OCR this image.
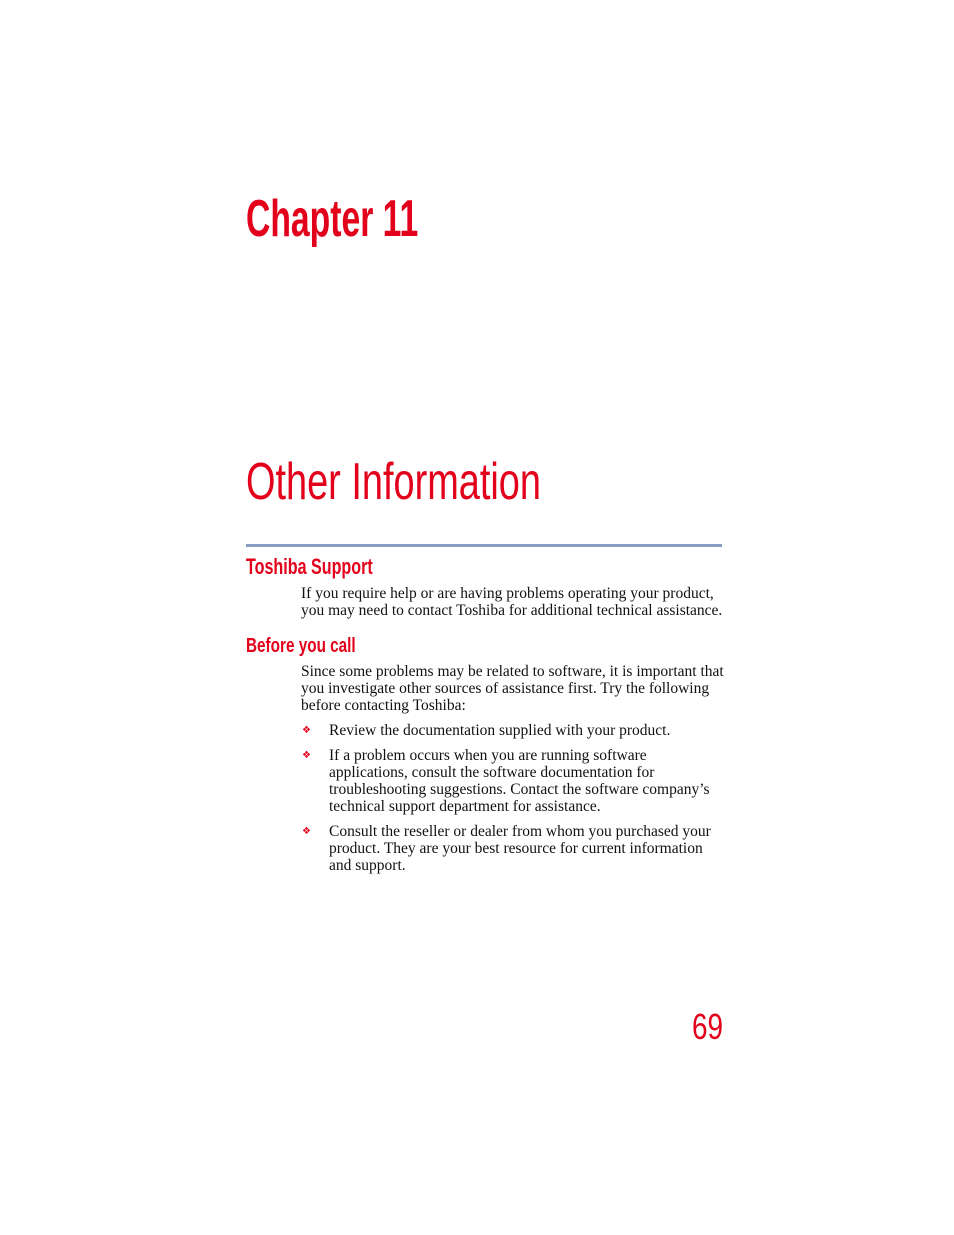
Chapter 11
Other Information
Toshiba Support
If you require help or are having problems operating your product,
you may need to contact Toshiba for additional technical assistance.
Before you call
Since some problems may be related to software, it is important that
you investigate other sources of assistance first. Try the following
before contacting Toshiba:
❖ Review the documentation supplied with your product.
❖ If a problem occurs when you are running software
applications, consult the software documentation for
troubleshooting suggestions. Contact the software company’s
technical support department for assistance.
❖ Consult the reseller or dealer from whom you purchased your
product. They are your best resource for current information
and support.
69
